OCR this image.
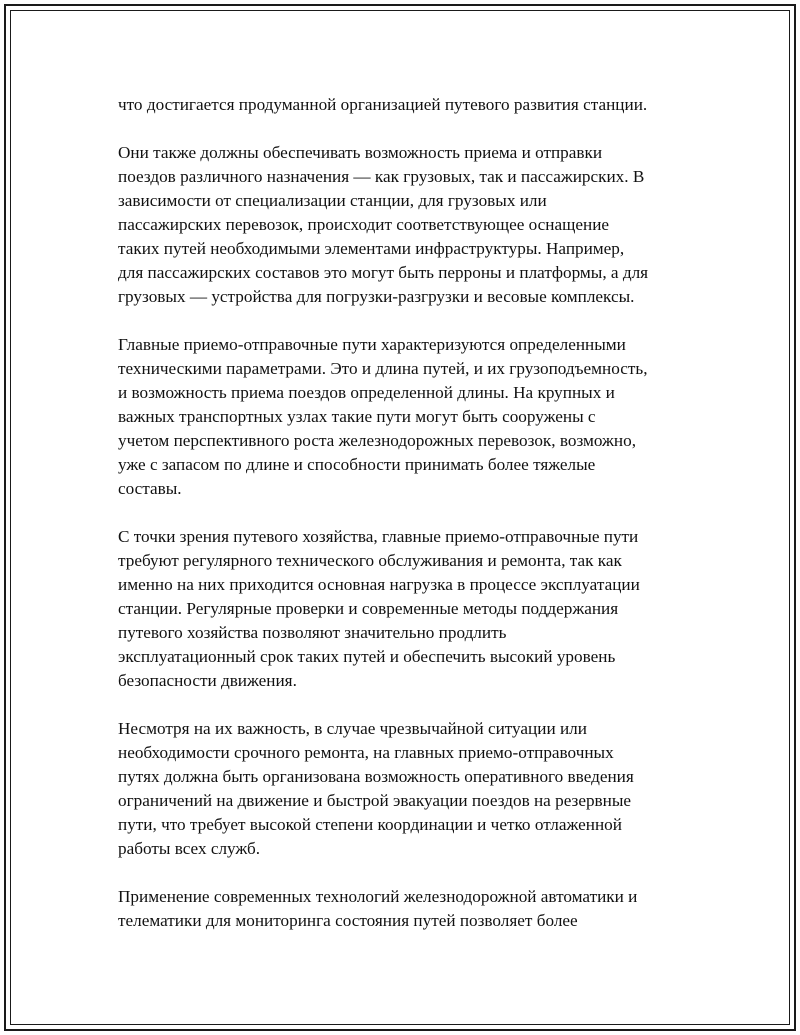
что достигается продуманной организацией путевого развития станции.

Они также должны обеспечивать возможность приема и отправки
поездов различного назначения — как грузовых, так и пассажирских. В
зависимости от специализации станции, для грузовых или
пассажирских перевозок, происходит соответствующее оснащение
таких путей необходимыми элементами инфраструктуры. Например,
для пассажирских составов это могут быть перроны и платформы, а для
грузовых — устройства для погрузки-разгрузки и весовые комплексы.

Главные приемо-отправочные пути характеризуются определенными
техническими параметрами. Это и длина путей, и их грузоподъемность,
и возможность приема поездов определенной длины. На крупных и
важных транспортных узлах такие пути могут быть сооружены с
учетом перспективного роста железнодорожных перевозок, возможно,
уже с запасом по длине и способности принимать более тяжелые
составы.

С точки зрения путевого хозяйства, главные приемо-отправочные пути
требуют регулярного технического обслуживания и ремонта, так как
именно на них приходится основная нагрузка в процессе эксплуатации
станции. Регулярные проверки и современные методы поддержания
путевого хозяйства позволяют значительно продлить
эксплуатационный срок таких путей и обеспечить высокий уровень
безопасности движения.

Несмотря на их важность, в случае чрезвычайной ситуации или
необходимости срочного ремонта, на главных приемо-отправочных
путях должна быть организована возможность оперативного введения
ограничений на движение и быстрой эвакуации поездов на резервные
пути, что требует высокой степени координации и четко отлаженной
работы всех служб.

Применение современных технологий железнодорожной автоматики и
телематики для мониторинга состояния путей позволяет более
